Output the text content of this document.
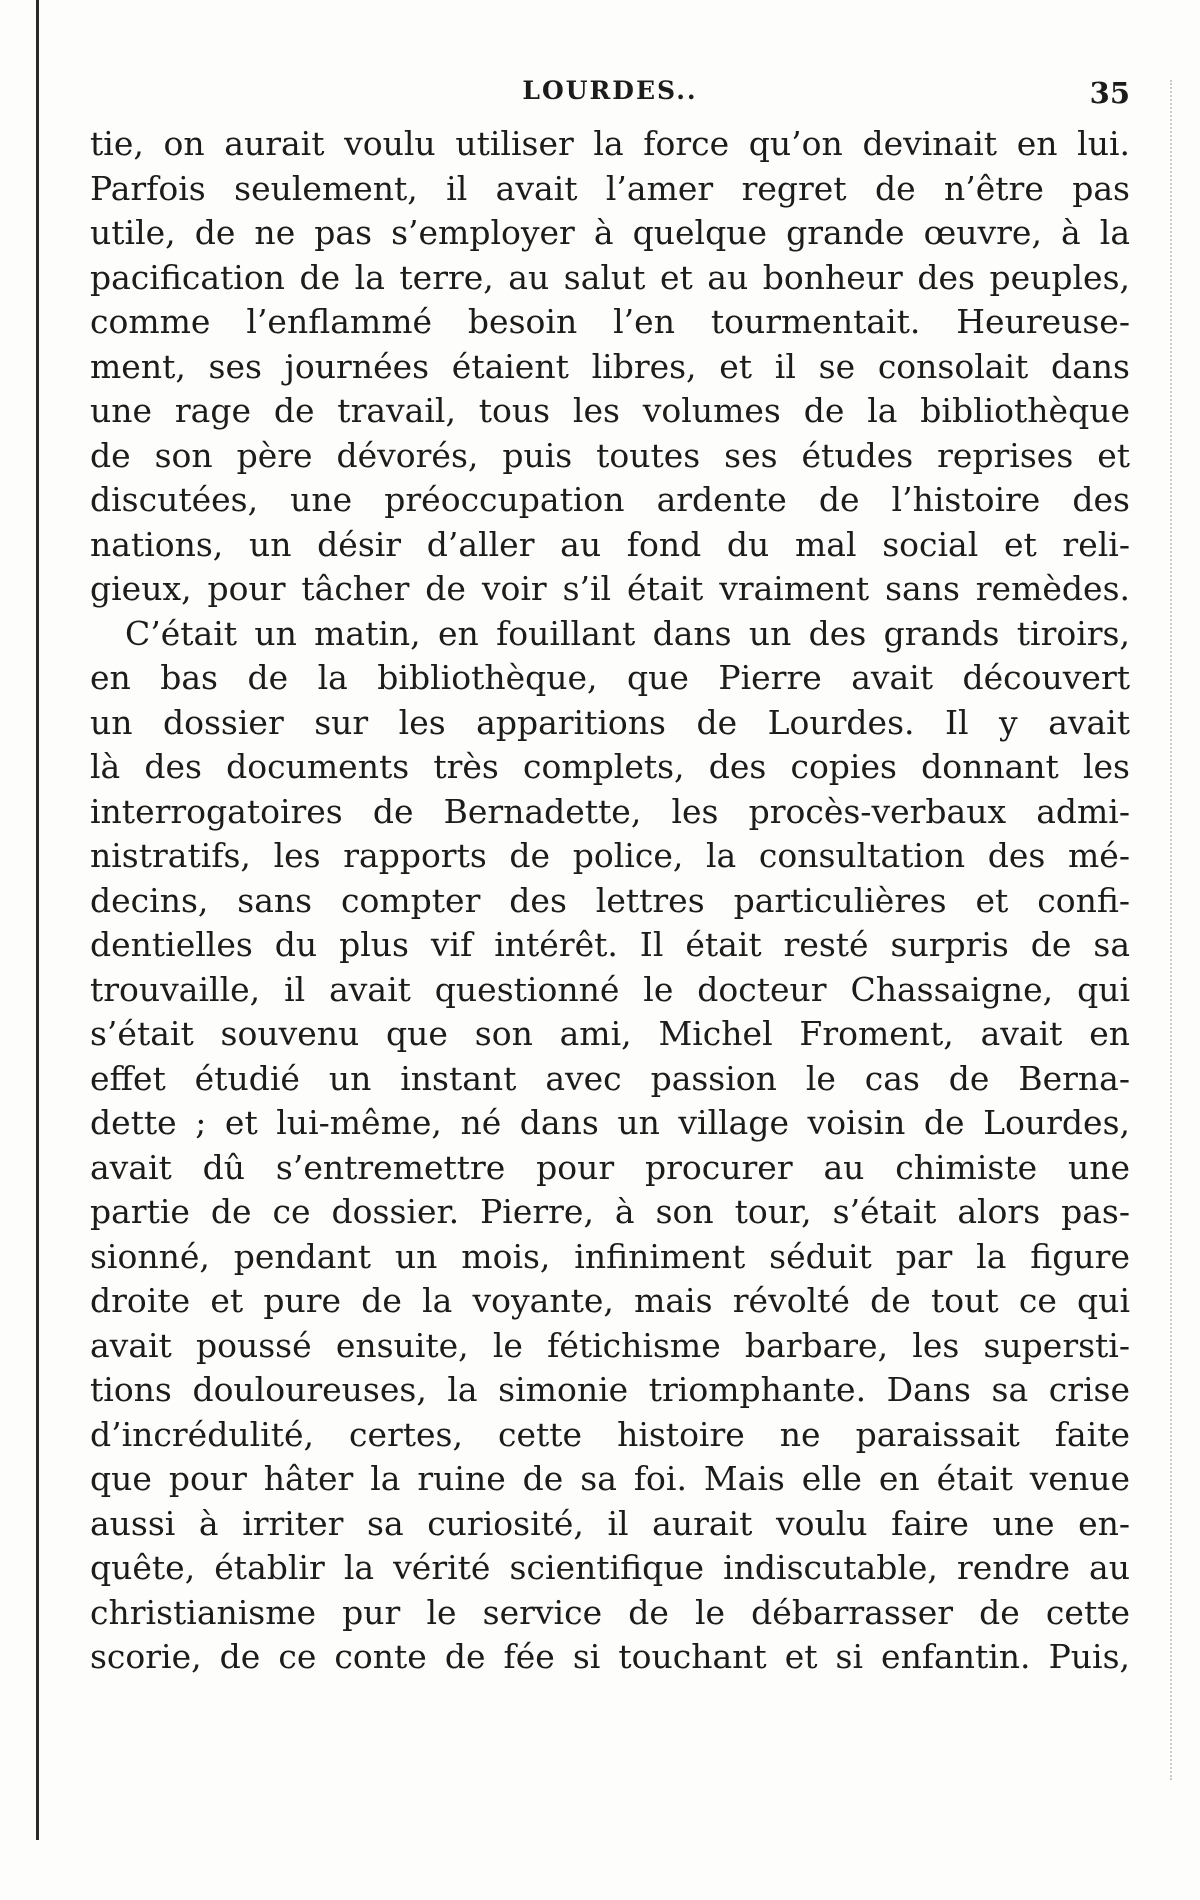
LOURDES..	35
tie, on aurait voulu utiliser la force qu’on devinait en lui.
Parfois seulement, il avait l’amer regret de n’être pas
utile, de ne pas s’employer à quelque grande œuvre, à la
pacification de la terre, au salut et au bonheur des peuples,
comme l’enflammé besoin l’en tourmentait. Heureuse-
ment, ses journées étaient libres, et il se consolait dans
une rage de travail, tous les volumes de la bibliothèque
de son père dévorés, puis toutes ses études reprises et
discutées, une préoccupation ardente de l’histoire des
nations, un désir d’aller au fond du mal social et reli-
gieux, pour tâcher de voir s’il était vraiment sans remèdes.
C’était un matin, en fouillant dans un des grands tiroirs,
en bas de la bibliothèque, que Pierre avait découvert
un dossier sur les apparitions de Lourdes. Il y avait
là des documents très complets, des copies donnant les
interrogatoires de Bernadette, les procès-verbaux admi-
nistratifs, les rapports de police, la consultation des mé-
decins, sans compter des lettres particulières et confi-
dentielles du plus vif intérêt. Il était resté surpris de sa
trouvaille, il avait questionné le docteur Chassaigne, qui
s’était souvenu que son ami, Michel Froment, avait en
effet étudié un instant avec passion le cas de Berna-
dette ; et lui-même, né dans un village voisin de Lourdes,
avait dû s’entremettre pour procurer au chimiste une
partie de ce dossier. Pierre, à son tour, s’était alors pas-
sionné, pendant un mois, infiniment séduit par la figure
droite et pure de la voyante, mais révolté de tout ce qui
avait poussé ensuite, le fétichisme barbare, les supersti-
tions douloureuses, la simonie triomphante. Dans sa crise
d’incrédulité, certes, cette histoire ne paraissait faite
que pour hâter la ruine de sa foi. Mais elle en était venue
aussi à irriter sa curiosité, il aurait voulu faire une en-
quête, établir la vérité scientifique indiscutable, rendre au
christianisme pur le service de le débarrasser de cette
scorie, de ce conte de fée si touchant et si enfantin. Puis,
